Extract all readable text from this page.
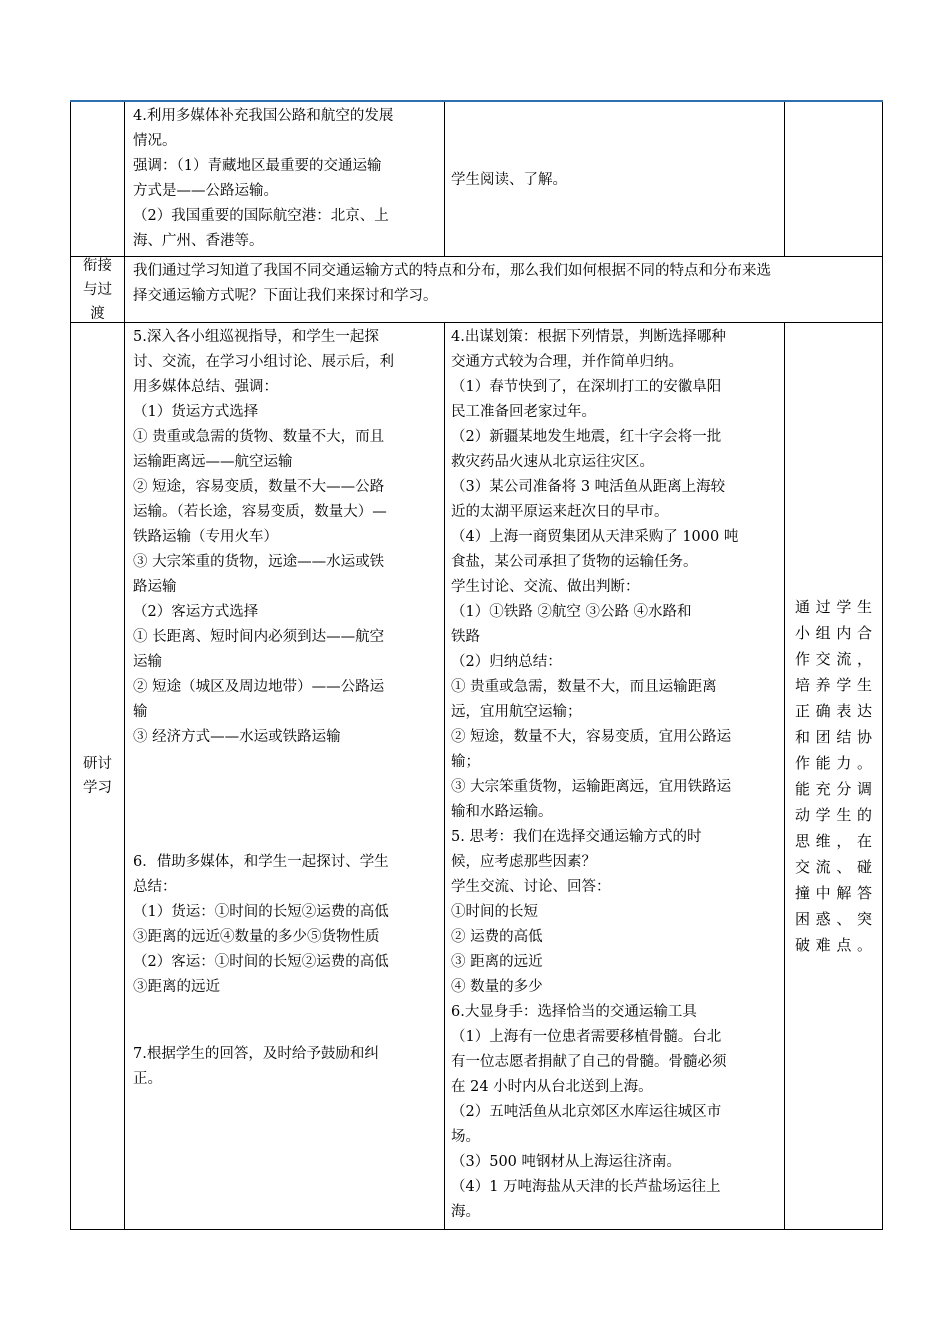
4.利用多媒体补充我国公路和航空的发展
情况。
强调：（1）青藏地区最重要的交通运输
方式是——公路运输。
（2）我国重要的国际航空港：北京、上
海、广州、香港等。
学生阅读、了解。
衔接
与过
渡
我们通过学习知道了我国不同交通运输方式的特点和分布，那么我们如何根据不同的特点和分布来选
择交通运输方式呢？下面让我们来探讨和学习。
研讨
学习
5.深入各小组巡视指导，和学生一起探
讨、交流，在学习小组讨论、展示后，利
用多媒体总结、强调：
（1）货运方式选择
① 贵重或急需的货物、数量不大，而且
运输距离远——航空运输
② 短途，容易变质，数量不大——公路
运输。（若长途，容易变质，数量大）—
铁路运输（专用火车）
③ 大宗笨重的货物，远途——水运或铁
路运输
（2）客运方式选择
① 长距离、短时间内必须到达——航空
运输
② 短途（城区及周边地带）——公路运
输
③ 经济方式——水运或铁路运输
6．借助多媒体，和学生一起探讨、学生
总结：
（1）货运：①时间的长短②运费的高低
③距离的远近④数量的多少⑤货物性质
（2）客运：①时间的长短②运费的高低
③距离的远近
7.根据学生的回答，及时给予鼓励和纠
正。
4.出谋划策：根据下列情景，判断选择哪种
交通方式较为合理，并作简单归纳。
（1）春节快到了，在深圳打工的安徽阜阳
民工准备回老家过年。
（2）新疆某地发生地震，红十字会将一批
救灾药品火速从北京运往灾区。
（3）某公司准备将 3 吨活鱼从距离上海较
近的太湖平原运来赶次日的早市。
（4）上海一商贸集团从天津采购了 1000 吨
食盐，某公司承担了货物的运输任务。
学生讨论、交流、做出判断：
（1）①铁路 ②航空 ③公路 ④水路和
铁路
（2）归纳总结：
① 贵重或急需，数量不大，而且运输距离
远，宜用航空运输；
② 短途，数量不大，容易变质，宜用公路运
输；
③ 大宗笨重货物，运输距离远，宜用铁路运
输和水路运输。
5. 思考：我们在选择交通运输方式的时
候，应考虑那些因素？
学生交流、讨论、回答：
①时间的长短
② 运费的高低
③ 距离的远近
④ 数量的多少
6.大显身手：选择恰当的交通运输工具
（1）上海有一位患者需要移植骨髓。台北
有一位志愿者捐献了自己的骨髓。骨髓必须
在 24 小时内从台北送到上海。
（2）五吨活鱼从北京郊区水库运往城区市
场。
（3）500 吨钢材从上海运往济南。
（4）1 万吨海盐从天津的长芦盐场运往上
海。
通过学生
小组内合
作交流，
培养学生
正确表达
和团结协
作能力。
能充分调
动学生的
思维，在
交流、碰
撞中解答
困惑、突
破难点。
